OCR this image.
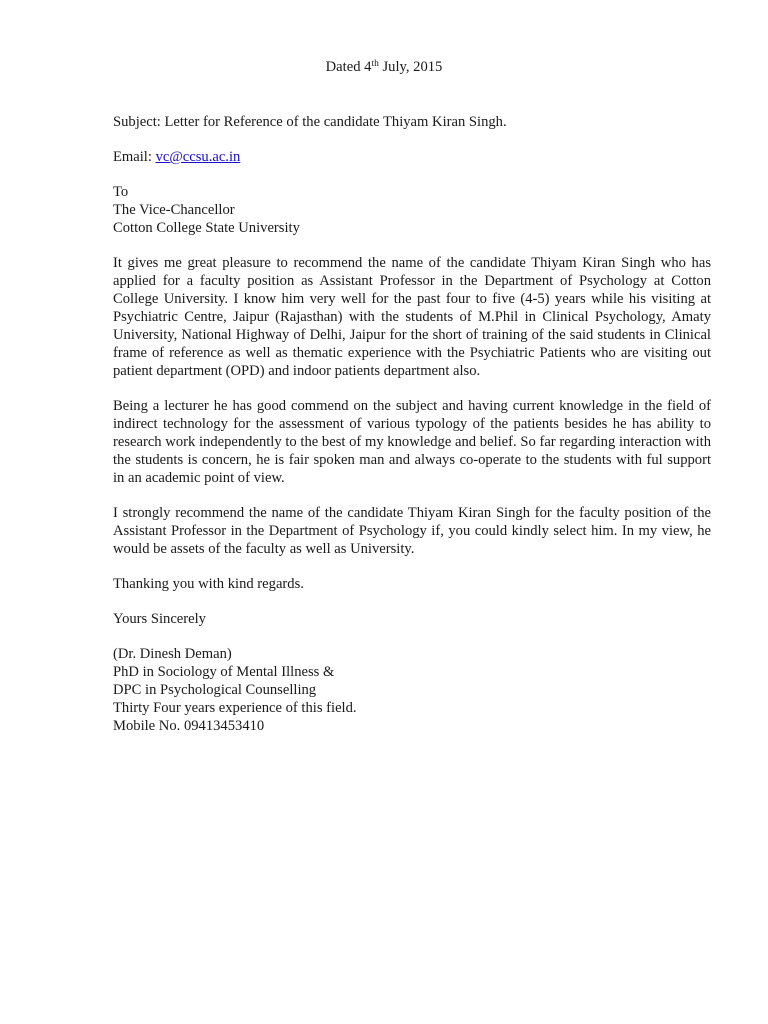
Dated 4th July, 2015

Subject: Letter for Reference of the candidate Thiyam Kiran Singh.

Email: vc@ccsu.ac.in

To

The Vice-Chancellor

Cotton College State University

It gives me great pleasure to recommend the name of the candidate Thiyam Kiran Singh who has applied for a faculty position as Assistant Professor in the Department of Psychology at Cotton College University. I know him very well for the past four to five (4-5) years while his visiting at Psychiatric Centre, Jaipur (Rajasthan) with the students of M.Phil in Clinical Psychology, Amaty University, National Highway of Delhi, Jaipur for the short of training of the said students in Clinical frame of reference as well as thematic experience with the Psychiatric Patients who are visiting out patient department (OPD) and indoor patients department also.

Being a lecturer he has good commend on the subject and having current knowledge in the field of indirect technology for the assessment of various typology of the patients besides he has ability to research work independently to the best of my knowledge and belief. So far regarding interaction with the students is concern, he is fair spoken man and always co-operate to the students with ful support in an academic point of view.

I strongly recommend the name of the candidate Thiyam Kiran Singh for the faculty position of the Assistant Professor in the Department of Psychology if, you could kindly select him. In my view, he would be assets of the faculty as well as University.

Thanking you with kind regards.

Yours Sincerely

(Dr. Dinesh Deman)

PhD in Sociology of Mental Illness &

DPC in Psychological Counselling

Thirty Four years experience of this field.

Mobile No. 09413453410
